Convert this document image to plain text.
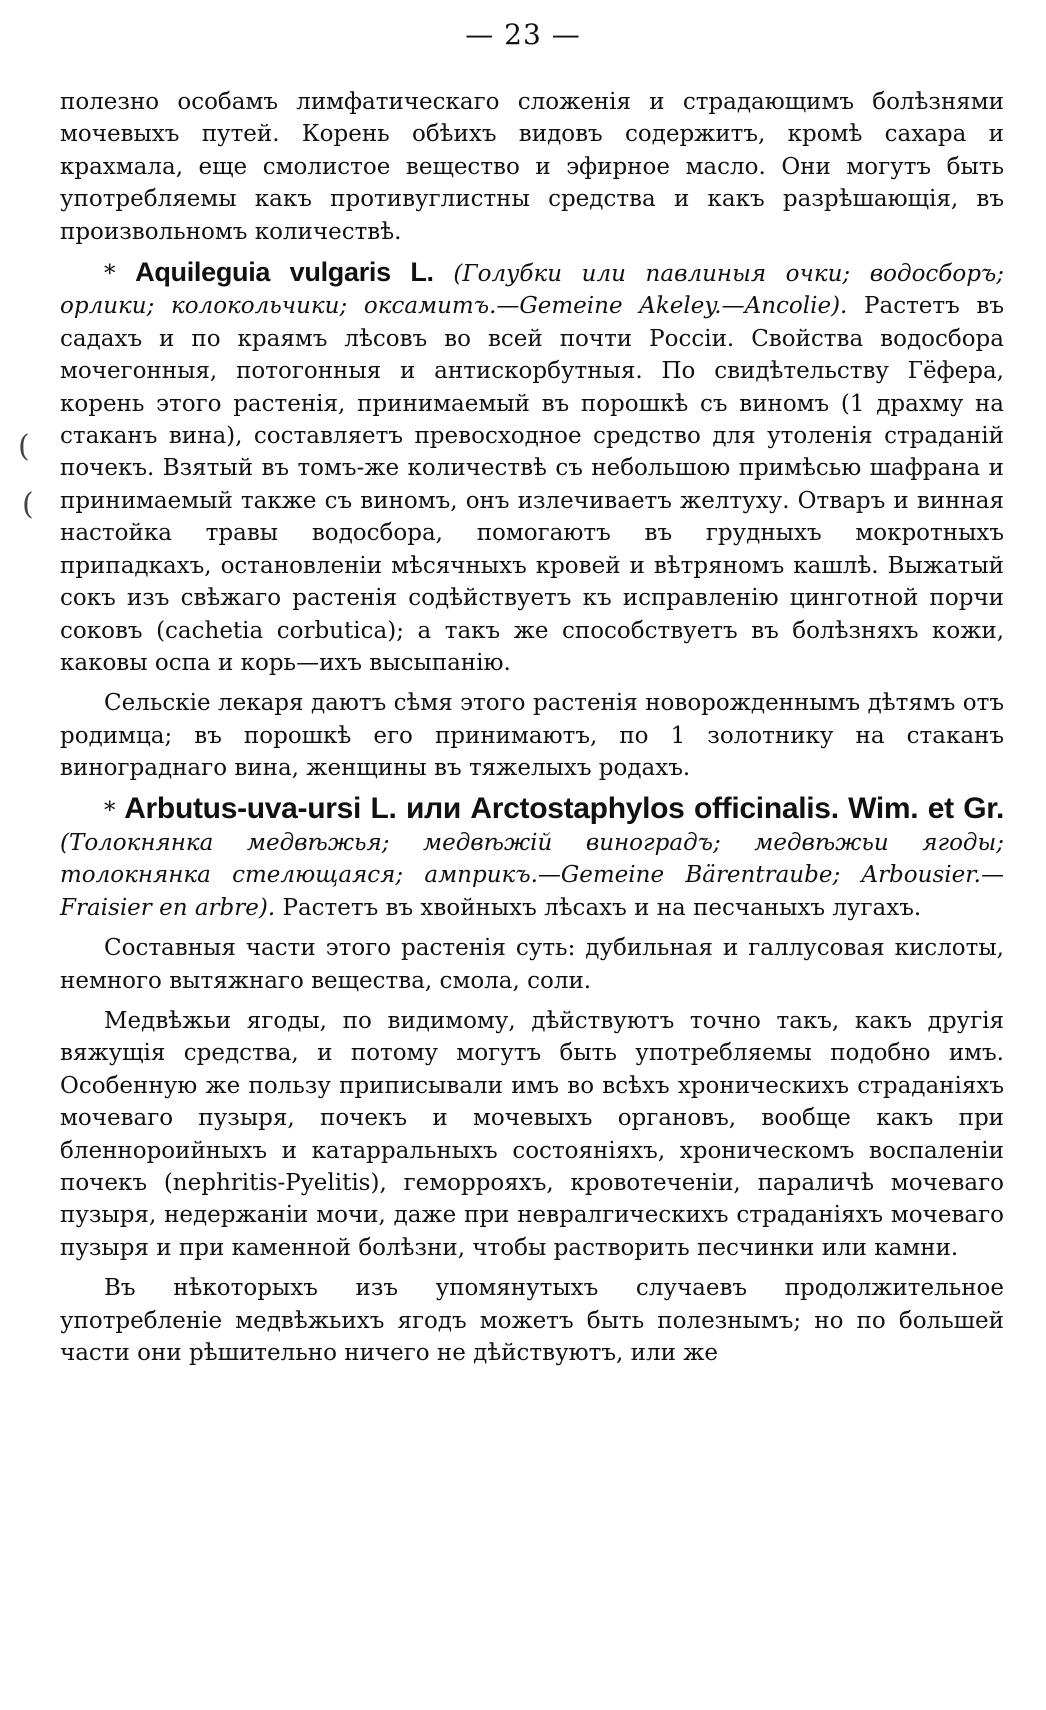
— 23 —
(
(

полезно особамъ лимфатическаго сложенія и страдающимъ болѣзнями мочевыхъ путей. Корень обѣихъ видовъ содержитъ, кромѣ сахара и крахмала, еще смолистое вещество и эфирное масло. Они могутъ быть употребляемы какъ противуглистны средства и какъ разрѣшающія, въ произвольномъ количествѣ.

* Aquileguia vulgaris L. (Голубки или павлиныя очки; водосборъ; орлики; колокольчики; оксамитъ.—Gemeine Akeley.—Ancolie). Растетъ въ садахъ и по краямъ лѣсовъ во всей почти Россіи. Свойства водосбора мочегонныя, потогонныя и антискорбутныя. По свидѣтельству Гёфера, корень этого растенія, принимаемый въ порошкѣ съ виномъ (1 драхму на стаканъ вина), составляетъ превосходное средство для утоленія страданій почекъ. Взятый въ томъ-же количествѣ съ небольшою примѣсью шафрана и принимаемый также съ виномъ, онъ излечиваетъ желтуху. Отваръ и винная настойка травы водосбора, помогаютъ въ грудныхъ мокротныхъ припадкахъ, остановленіи мѣсячныхъ кровей и вѣтряномъ кашлѣ. Выжатый сокъ изъ свѣжаго растенія содѣйствуетъ къ исправленію цинготной порчи соковъ (cachetia corbutica); а такъ же способствуетъ въ болѣзняхъ кожи, каковы оспа и корь—ихъ высыпанію.

Сельскіе лекаря даютъ сѣмя этого растенія новорожденнымъ дѣтямъ отъ родимца; въ порошкѣ его принимаютъ, по 1 золотнику на стаканъ винограднаго вина, женщины въ тяжелыхъ родахъ.

* Arbutus-uva-ursi L. или Arctostaphylos officinalis. Wim. et Gr. (Толокнянка медвѣжья; медвѣжій виноградъ; медвѣжьи ягоды; толокнянка стелющаяся; амприкъ.—Gemeine Bärentraube; Arbousier.—Fraisier en arbre). Растетъ въ хвойныхъ лѣсахъ и на песчаныхъ лугахъ.

Составныя части этого растенія суть: дубильная и галлусовая кислоты, немного вытяжнаго вещества, смола, соли.

Медвѣжьи ягоды, по видимому, дѣйствуютъ точно такъ, какъ другія вяжущія средства, и потому могутъ быть употребляемы подобно имъ. Особенную же пользу приписывали имъ во всѣхъ хроническихъ страданіяхъ мочеваго пузыря, почекъ и мочевыхъ органовъ, вообще какъ при бленнороийныхъ и катарральныхъ состояніяхъ, хроническомъ воспаленіи почекъ (nephritis-Pyelitis), геморрояхъ, кровотеченіи, параличѣ мочеваго пузыря, недержаніи мочи, даже при невралгическихъ страданіяхъ мочеваго пузыря и при каменной болѣзни, чтобы растворить песчинки или камни.

Въ нѣкоторыхъ изъ упомянутыхъ случаевъ продолжительное употребленіе медвѣжьихъ ягодъ можетъ быть полезнымъ; но по большей части они рѣшительно ничего не дѣйствуютъ, или же
